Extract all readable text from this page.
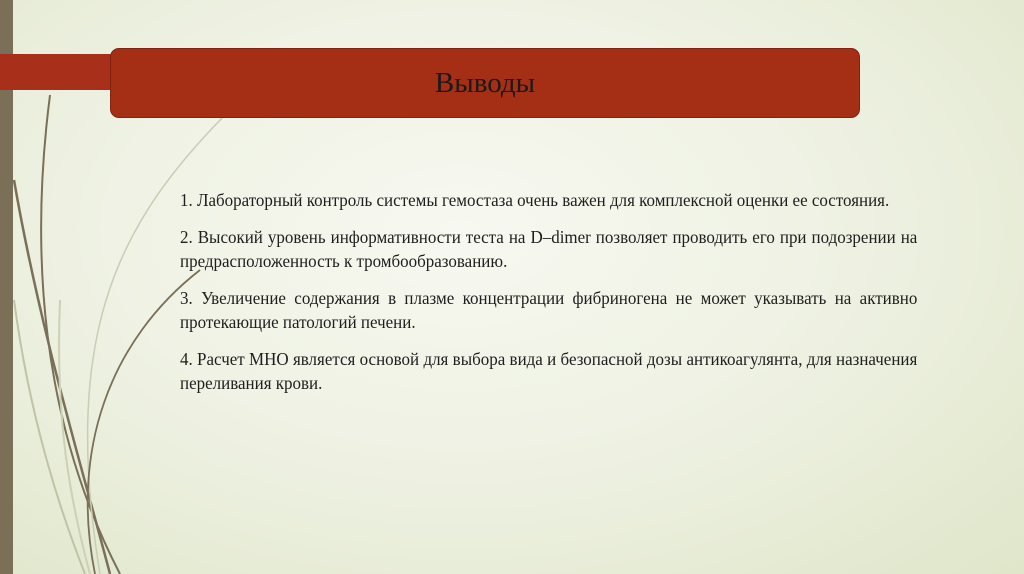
Выводы

1. Лабораторный контроль системы гемостаза очень важен для комплексной оценки ее состояния.

2. Высокий уровень информативности теста на D–dimer позволяет проводить его при подозрении на предрасположенность к тромбообразованию.

3. Увеличение содержания в плазме концентрации фибриногена не может указывать на активно протекающие патологий печени.

4. Расчет МНО является основой для выбора вида и безопасной дозы антикоагулянта, для назначения переливания крови.
